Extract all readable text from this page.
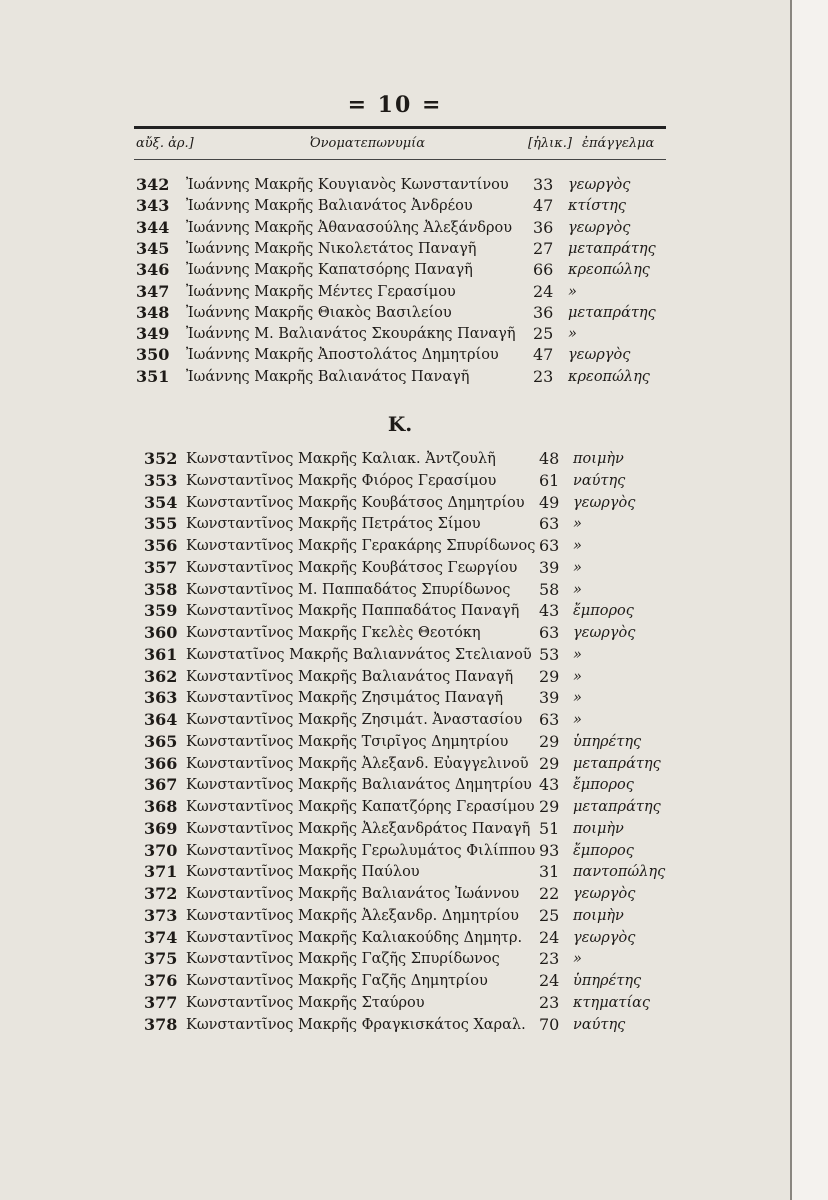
= 10 =
αὔξ. ἀρ.]	Ὀνοματεπωνυμία	[ἡλικ.] ἐπάγγελμα
342	Ἰωάννης Μακρῆς Κουγιανὸς Κωνσταντίνου 33 γεωργὸς
343	Ἰωάννης Μακρῆς Βαλιανάτος Ἀνδρέου	47 κτίστης
344	Ἰωάννης Μακρῆς Ἀθανασούλης Ἀλεξάνδρου 36 γεωργὸς
345	Ἰωάννης Μακρῆς Νικολετάτος Παναγῆ	27 μεταπράτης
346	Ἰωάννης Μακρῆς Καπατσόρης Παναγῆ	66 κρεοπώλης
347	Ἰωάννης Μακρῆς Μέντες Γερασίμου	24 »
348	Ἰωάννης Μακρῆς Θιακὸς Βασιλείου	36 μεταπράτης
349	Ἰωάννης Μ. Βαλιανάτος Σκουράκης Παναγῆ 25 »
350	Ἰωάννης Μακρῆς Ἀποστολάτος Δημητρίου 47 γεωργὸς
351	Ἰωάννης Μακρῆς Βαλιανάτος Παναγῆ	23 κρεοπώλης
Κ.
352 Κωνσταντῖνος Μακρῆς Καλιακ. Ἀντζουλῆ	48 ποιμὴν
353 Κωνσταντῖνος Μακρῆς Φιόρος Γερασίμου	61 ναύτης
354 Κωνσταντῖνος Μακρῆς Κουβάτσος Δημητρίου 49 γεωργὸς
355 Κωνσταντῖνος Μακρῆς Πετράτος Σίμου	63 »
356 Κωνσταντῖνος Μακρῆς Γερακάρης Σπυρίδωνος 63 »
357 Κωνσταντῖνος Μακρῆς Κουβάτσος Γεωργίου 39 »
358 Κωνσταντῖνος Μ. Παππαδάτος Σπυρίδωνος 58 »
359 Κωνσταντῖνος Μακρῆς Παππαδάτος Παναγῆ 43 ἔμπορος
360 Κωνσταντῖνος Μακρῆς Γκελὲς Θεοτόκη	63 γεωργὸς
361 Κωνστατῖνος Μακρῆς Βαλιαννάτος Στελιανοῦ 53 »
362 Κωνσταντῖνος Μακρῆς Βαλιανάτος Παναγῆ 29 »
363 Κωνσταντῖνος Μακρῆς Ζησιμάτος Παναγῆ 39 »
364 Κωνσταντῖνος Μακρῆς Ζησιμάτ. Ἀναστασίου 63 »
365 Κωνσταντῖνος Μακρῆς Τσιρῖγος Δημητρίου 29 ὑπηρέτης
366 Κωνσταντῖνος Μακρῆς Ἀλεξανδ. Εὐαγγελινοῦ 29 μεταπράτης
367 Κωνσταντῖνος Μακρῆς Βαλιανάτος Δημητρίου 43 ἔμπορος
368 Κωνσταντῖνος Μακρῆς Καπατζόρης Γερασίμου 29 μεταπράτης
369 Κωνσταντῖνος Μακρῆς Ἀλεξανδράτος Παναγῆ 51 ποιμὴν
370 Κωνσταντῖνος Μακρῆς Γερωλυμάτος Φιλίππου 93 ἔμπορος
371 Κωνσταντῖνος Μακρῆς Παύλου	31 παντοπώλης
372 Κωνσταντῖνος Μακρῆς Βαλιανάτος Ἰωάννου 22 γεωργὸς
373 Κωνσταντῖνος Μακρῆς Ἀλεξανδρ. Δημητρίου 25 ποιμὴν
374 Κωνσταντῖνος Μακρῆς Καλιακούδης Δημητρ. 24 γεωργὸς
375 Κωνσταντῖνος Μακρῆς Γαζῆς Σπυρίδωνος 23 »
376 Κωνσταντῖνος Μακρῆς Γαζῆς Δημητρίου	24 ὑπηρέτης
377 Κωνσταντῖνος Μακρῆς Σταύρου	23 κτηματίας
378 Κωνσταντῖνος Μακρῆς Φραγκισκάτος Χαραλ. 70 ναύτης
